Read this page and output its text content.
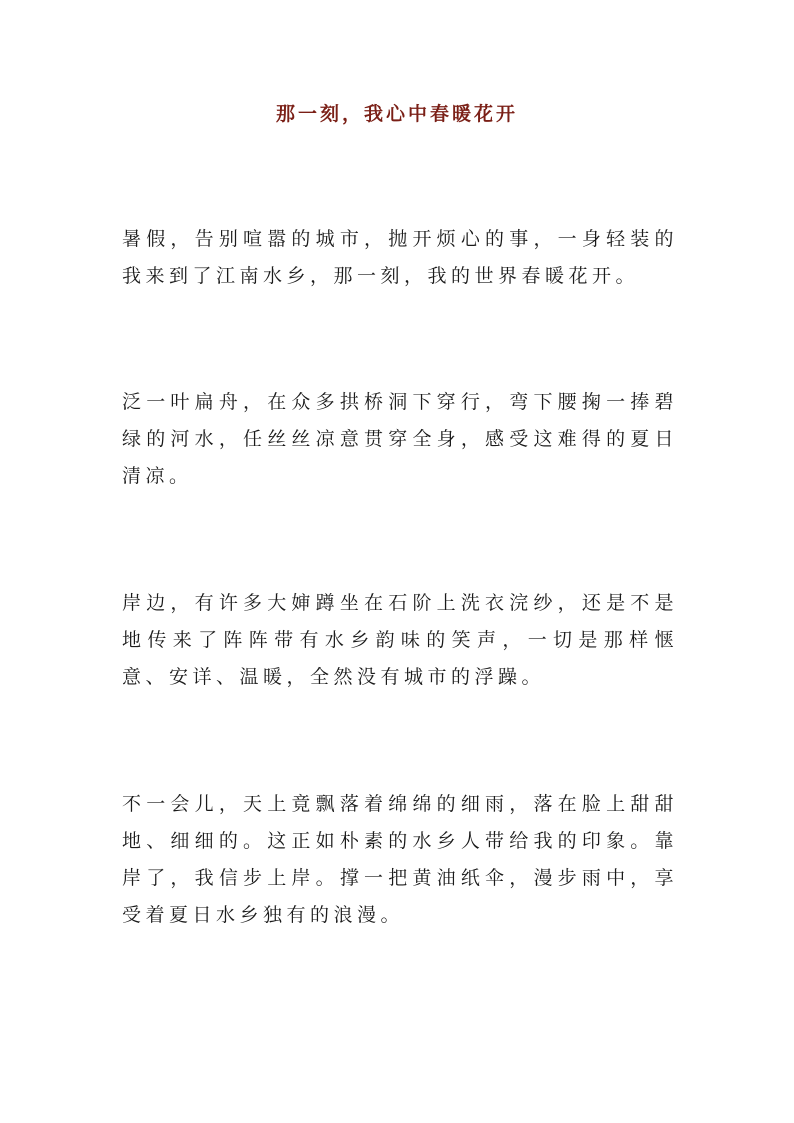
那一刻，我心中春暖花开
暑假，告别喧嚣的城市，抛开烦心的事，一身轻装的我来到了江南水乡，那一刻，我的世界春暖花开。
泛一叶扁舟，在众多拱桥洞下穿行，弯下腰掬一捧碧绿的河水，任丝丝凉意贯穿全身，感受这难得的夏日清凉。
岸边，有许多大婶蹲坐在石阶上洗衣浣纱，还是不是地传来了阵阵带有水乡韵味的笑声，一切是那样惬意、安详、温暖，全然没有城市的浮躁。
不一会儿，天上竟飘落着绵绵的细雨，落在脸上甜甜地、细细的。这正如朴素的水乡人带给我的印象。靠岸了，我信步上岸。撑一把黄油纸伞，漫步雨中，享受着夏日水乡独有的浪漫。
